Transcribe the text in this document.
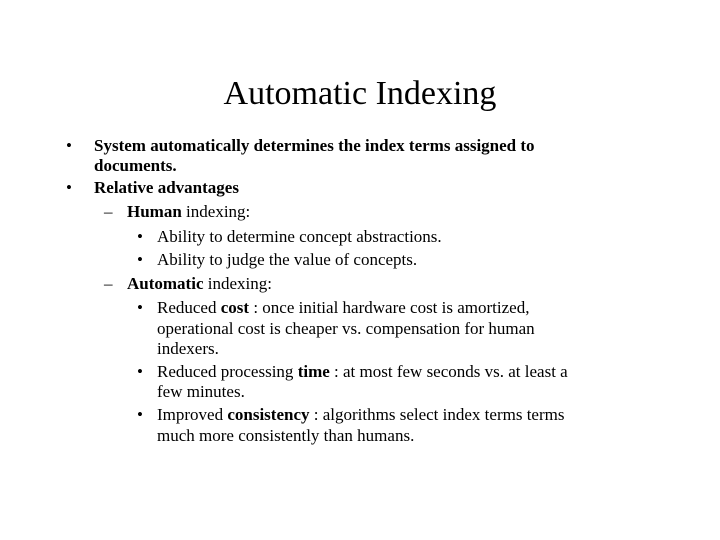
Automatic Indexing
• System automatically determines the index terms assigned to
documents.
• Relative advantages
– Human indexing:
• Ability to determine concept abstractions.
• Ability to judge the value of concepts.
– Automatic indexing:
• Reduced cost : once initial hardware cost is amortized,
operational cost is cheaper vs. compensation for human
indexers.
• Reduced processing time : at most few seconds vs. at least a
few minutes.
• Improved consistency : algorithms select index terms terms
much more consistently than humans.
